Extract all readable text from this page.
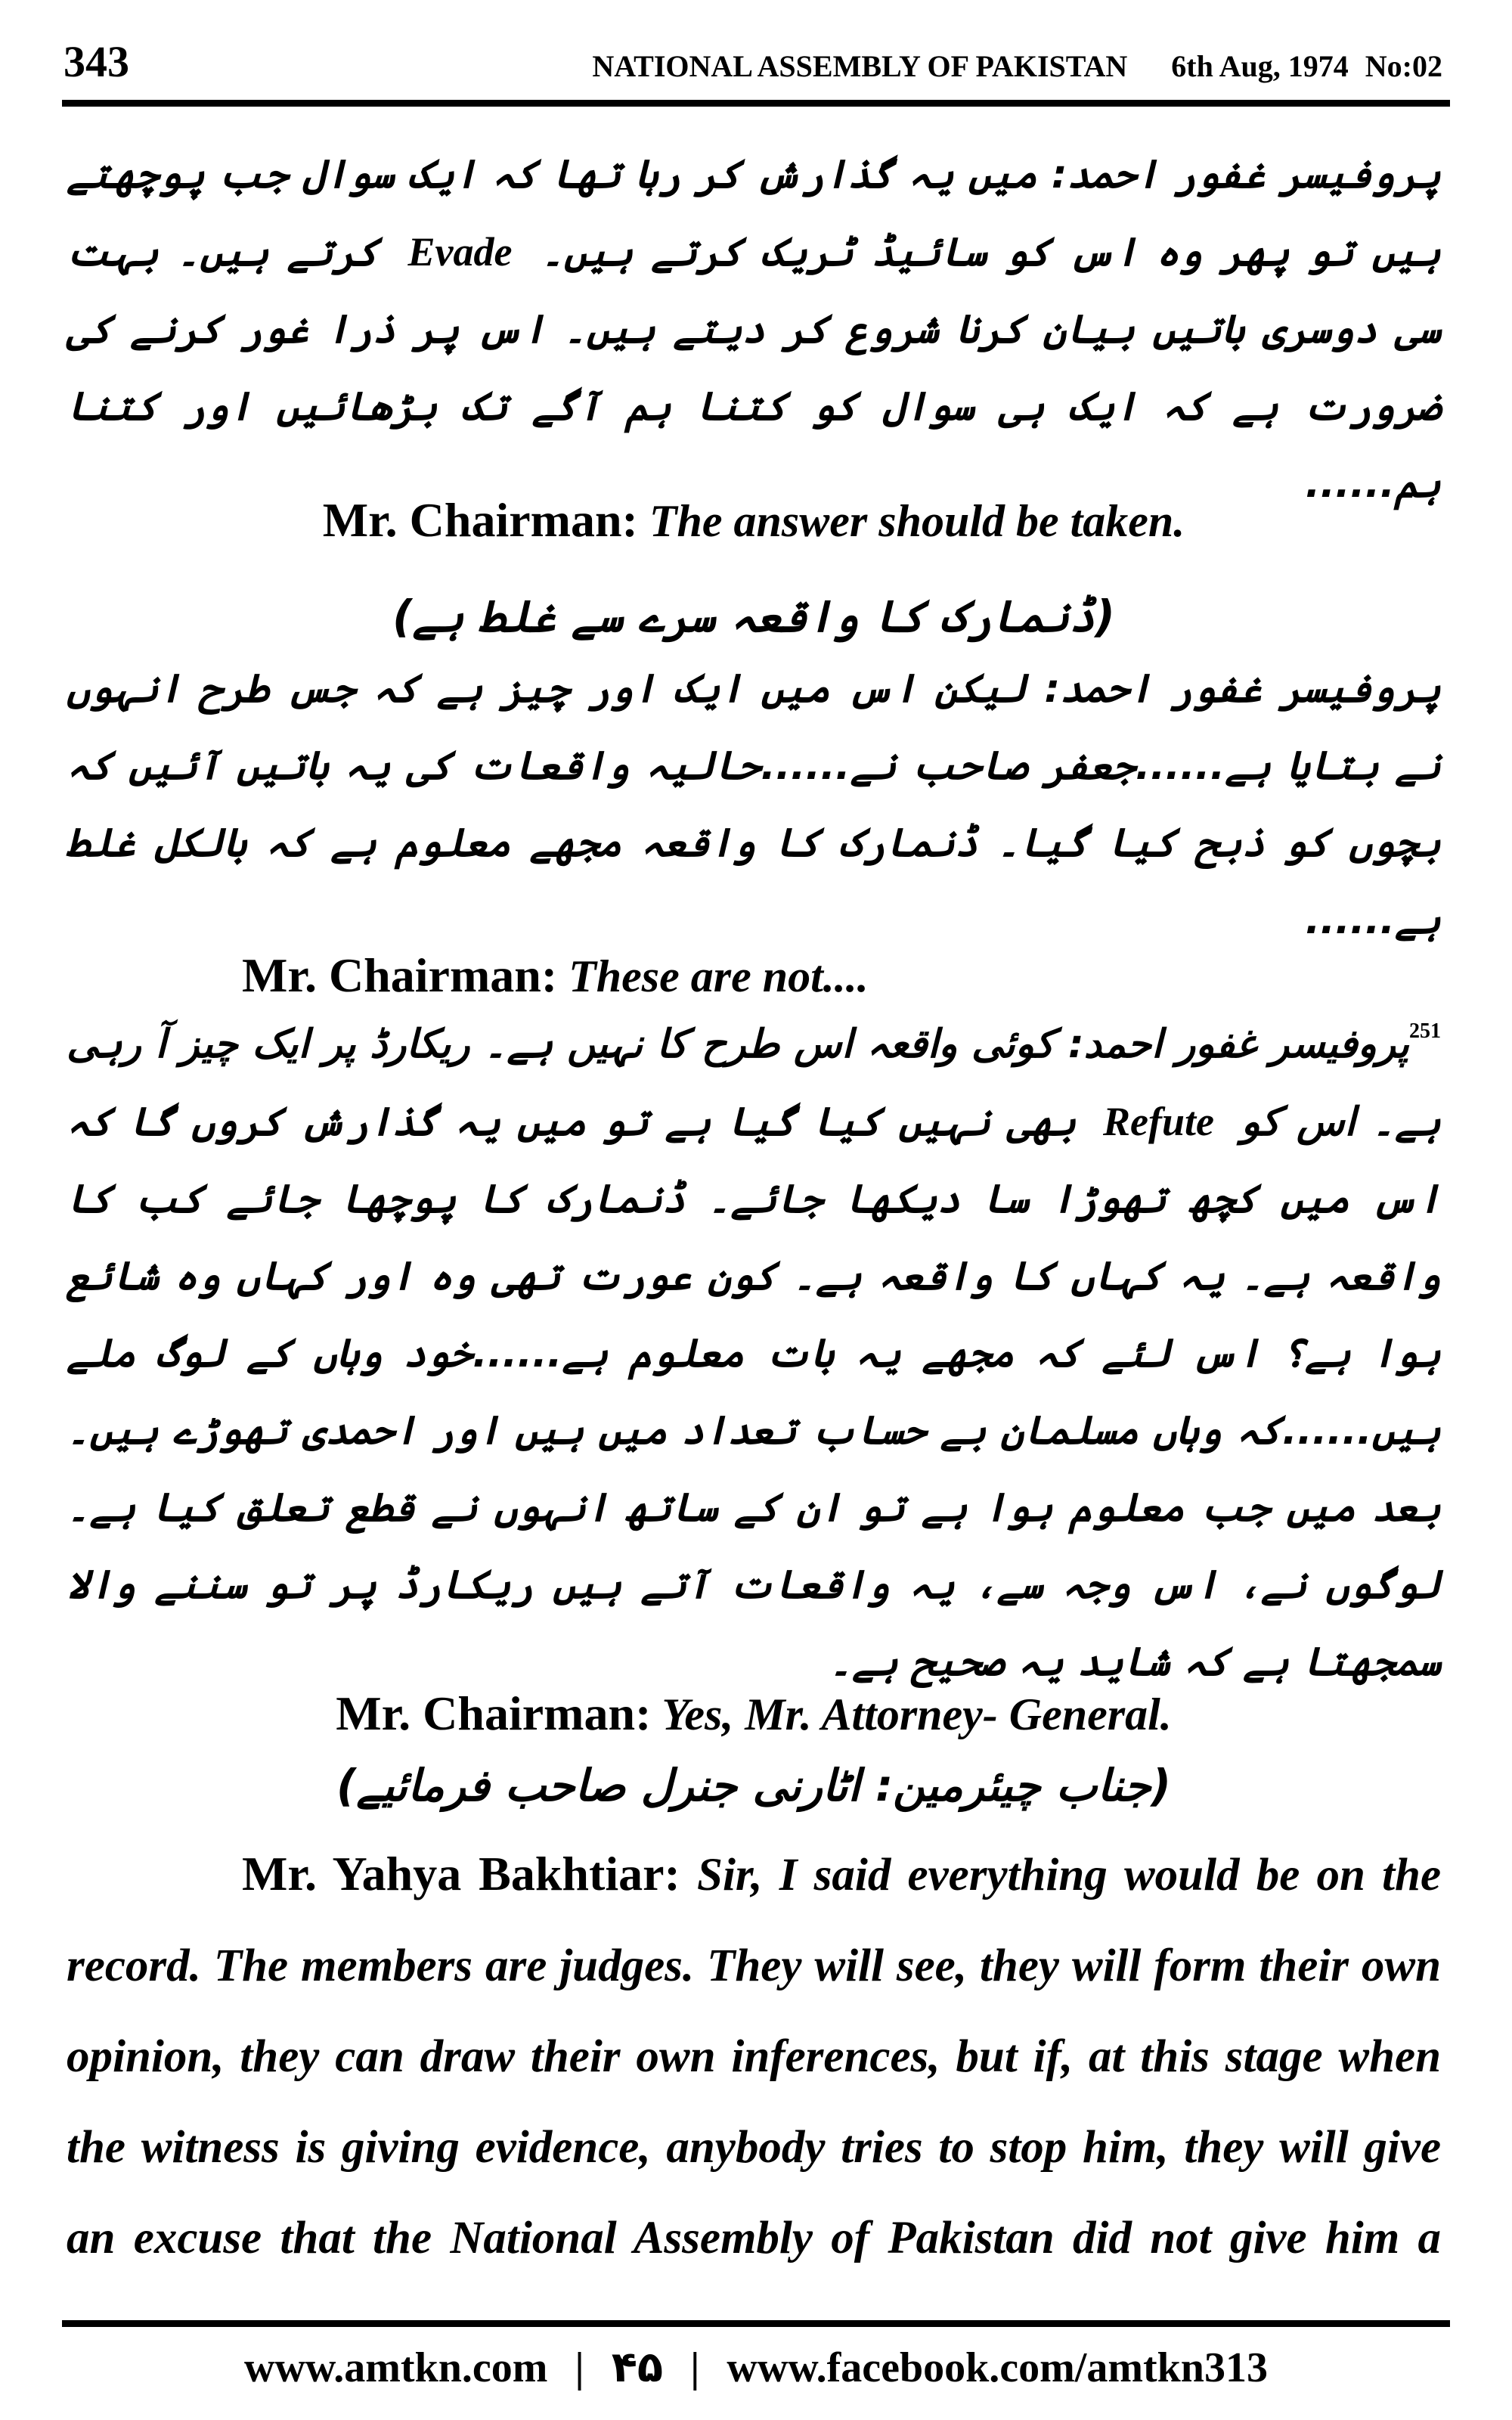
343	NATIONAL ASSEMBLY OF PAKISTAN 6th Aug, 1974 No:02

پروفیسر غفور احمد: میں یہ گذارش کر رہا تھا کہ ایک سوال جب پوچھتے ہیں تو پھر وہ اس کو سائیڈ ٹریک کرتے ہیں۔ Evade کرتے ہیں۔ بہت سی دوسری باتیں بیان کرنا شروع کر دیتے ہیں۔ اس پر ذرا غور کرنے کی ضرورت ہے کہ ایک ہی سوال کو کتنا ہم آگے تک بڑھائیں اور کتنا ہم......

Mr. Chairman: The answer should be taken.

(ڈنمارک کا واقعہ سرے سے غلط ہے)

پروفیسر غفور احمد: لیکن اس میں ایک اور چیز ہے کہ جس طرح انہوں نے بتایا ہے......جعفر صاحب نے......حالیہ واقعات کی یہ باتیں آئیں کہ بچوں کو ذبح کیا گیا۔ ڈنمارک کا واقعہ مجھے معلوم ہے کہ بالکل غلط ہے......

Mr. Chairman: These are not....

$^{251}$پروفیسر غفور احمد: کوئی واقعہ اس طرح کا نہیں ہے۔ ریکارڈ پر ایک چیز آ رہی ہے۔ اس کو Refute بھی نہیں کیا گیا ہے تو میں یہ گذارش کروں گا کہ اس میں کچھ تھوڑا سا دیکھا جائے۔ ڈنمارک کا پوچھا جائے کب کا واقعہ ہے۔ یہ کہاں کا واقعہ ہے۔ کون عورت تھی وہ اور کہاں وہ شائع ہوا ہے؟ اس لئے کہ مجھے یہ بات معلوم ہے......خود وہاں کے لوگ ملے ہیں......کہ وہاں مسلمان بے حساب تعداد میں ہیں اور احمدی تھوڑے ہیں۔ بعد میں جب معلوم ہوا ہے تو ان کے ساتھ انہوں نے قطع تعلق کیا ہے۔ لوگوں نے، اس وجہ سے، یہ واقعات آتے ہیں ریکارڈ پر تو سننے والا سمجھتا ہے کہ شاید یہ صحیح ہے۔

Mr. Chairman: Yes, Mr. Attorney- General.

(جناب چیئرمین: اٹارنی جنرل صاحب فرمائیے)

Mr. Yahya Bakhtiar: Sir, I said everything would be on the record. The members are judges. They will see, they will form their own opinion, they can draw their own inferences, but if, at this stage when the witness is giving evidence, anybody tries to stop him, they will give an excuse that the National Assembly of Pakistan did not give him a

www.amtkn.com | ۴۵ | www.facebook.com/amtkn313
